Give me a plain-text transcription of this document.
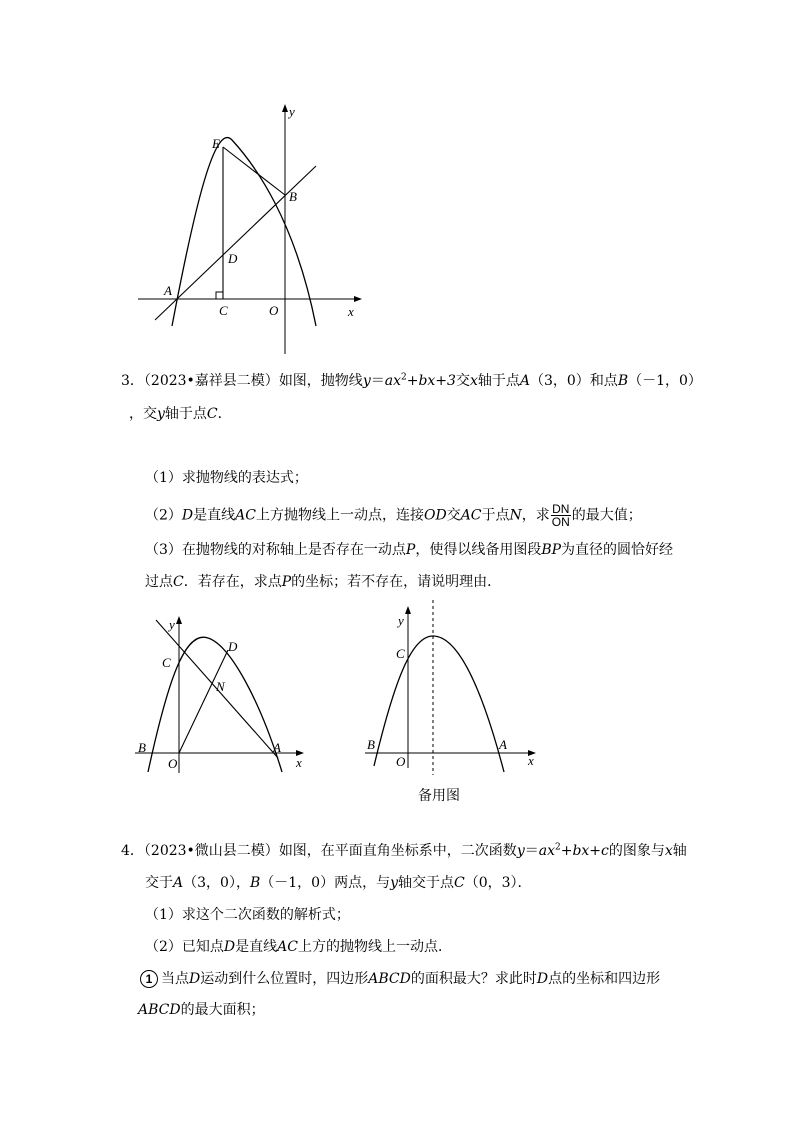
y
E
B
D
A
C	O	x
3．（2023•嘉祥县二模）如图，抛物线$y=ax^2+bx+3$交x轴于点A（3，0）和点B（－1，0）
，交y轴于点C．
（1）求抛物线的表达式；
（2）D是直线AC上方抛物线上一动点，连接OD交AC于点N，求 $\frac{DN}{ON}$ 的最大值；
（3）在抛物线的对称轴上是否存在一动点P，使得以线备用图段BP为直径的圆恰好经
过点C．若存在，求点P的坐标；若不存在，请说明理由．
y
C
D
N
B
O
A
x
y
C
B
O
A
x
备用图
4．（2023•微山县二模）如图，在平面直角坐标系中，二次函数$y=ax^2+bx+c$的图象与x轴
交于A（3，0），B（－1，0）两点，与y轴交于点C（0，3）．
（1）求这个二次函数的解析式；
（2）已知点D是直线AC上方的抛物线上一动点．
1 当点D运动到什么位置时，四边形ABCD的面积最大？求此时D点的坐标和四边形
ABCD的最大面积；
